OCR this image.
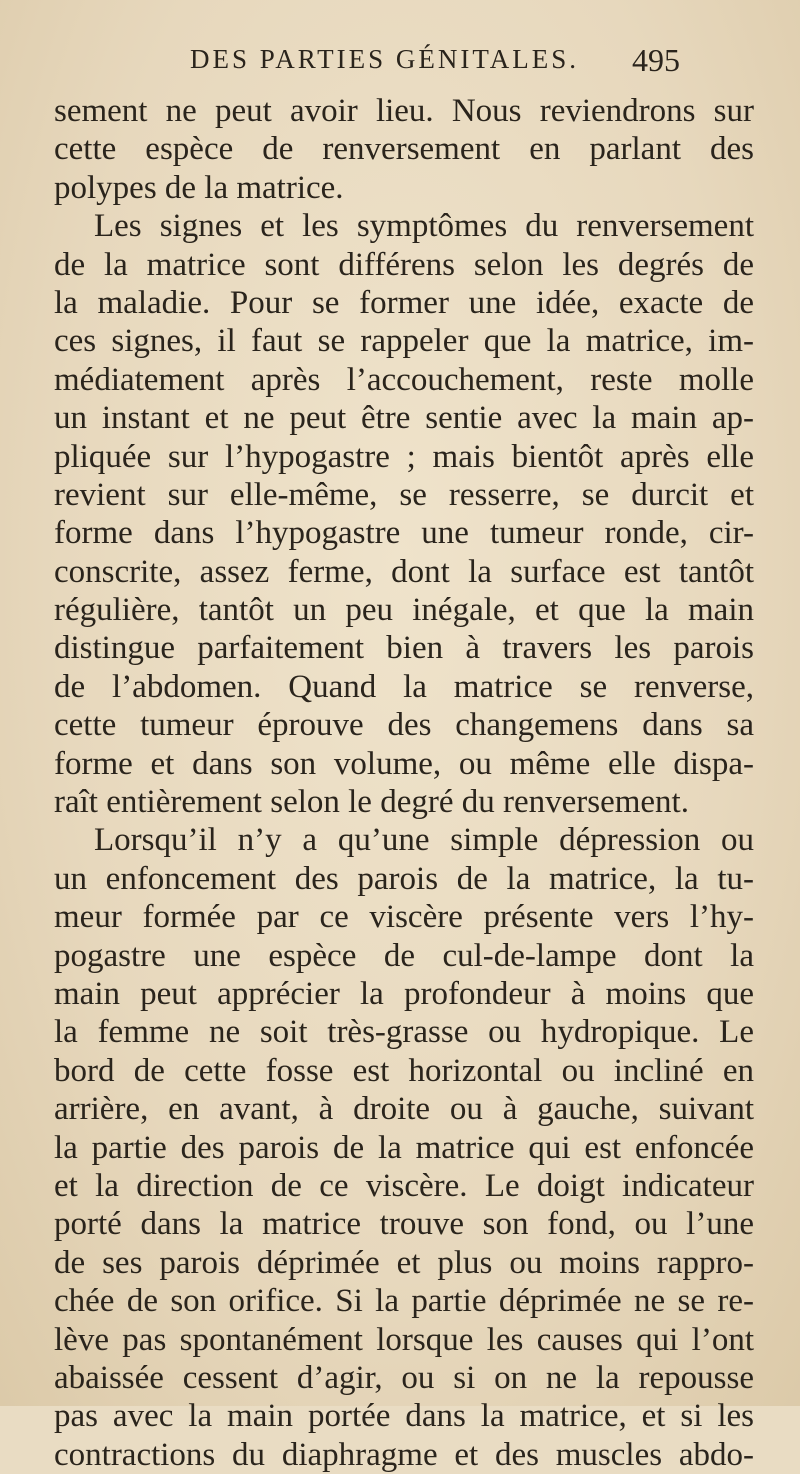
DES PARTIES GÉNITALES. 495
sement ne peut avoir lieu. Nous reviendrons sur
cette espèce de renversement en parlant des
polypes de la matrice.
Les signes et les symptômes du renversement
de la matrice sont différens selon les degrés de
la maladie. Pour se former une idée, exacte de
ces signes, il faut se rappeler que la matrice, im-
médiatement après l’accouchement, reste molle
un instant et ne peut être sentie avec la main ap-
pliquée sur l’hypogastre ; mais bientôt après elle
revient sur elle-même, se resserre, se durcit et
forme dans l’hypogastre une tumeur ronde, cir-
conscrite, assez ferme, dont la surface est tantôt
régulière, tantôt un peu inégale, et que la main
distingue parfaitement bien à travers les parois
de l’abdomen. Quand la matrice se renverse,
cette tumeur éprouve des changemens dans sa
forme et dans son volume, ou même elle dispa-
raît entièrement selon le degré du renversement.
Lorsqu’il n’y a qu’une simple dépression ou
un enfoncement des parois de la matrice, la tu-
meur formée par ce viscère présente vers l’hy-
pogastre une espèce de cul-de-lampe dont la
main peut apprécier la profondeur à moins que
la femme ne soit très-grasse ou hydropique. Le
bord de cette fosse est horizontal ou incliné en
arrière, en avant, à droite ou à gauche, suivant
la partie des parois de la matrice qui est enfoncée
et la direction de ce viscère. Le doigt indicateur
porté dans la matrice trouve son fond, ou l’une
de ses parois déprimée et plus ou moins rappro-
chée de son orifice. Si la partie déprimée ne se re-
lève pas spontanément lorsque les causes qui l’ont
abaissée cessent d’agir, ou si on ne la repousse
pas avec la main portée dans la matrice, et si les
contractions du diaphragme et des muscles abdo-
